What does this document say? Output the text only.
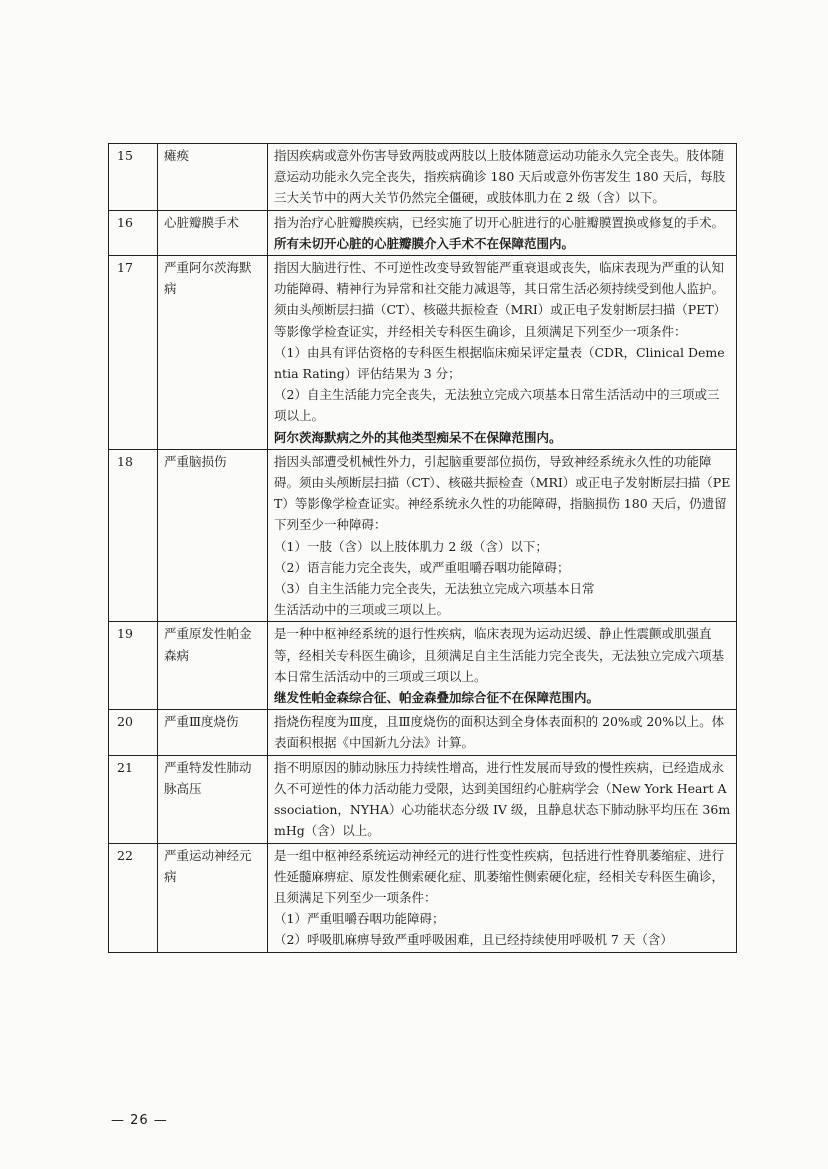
15	瘫痪	指因疾病或意外伤害导致两肢或两肢以上肢体随意运动功能永久完全丧失。肢体随意运动功能永久完全丧失，指疾病确诊 180 天后或意外伤害发生 180 天后，每肢三大关节中的两大关节仍然完全僵硬，或肢体肌力在 2 级（含）以下。

16	心脏瓣膜手术	指为治疗心脏瓣膜疾病，已经实施了切开心脏进行的心脏瓣膜置换或修复的手术。
所有未切开心脏的心脏瓣膜介入手术不在保障范围内。

17	严重阿尔茨海默病	指因大脑进行性、不可逆性改变导致智能严重衰退或丧失，临床表现为严重的认知功能障碍、精神行为异常和社交能力减退等，其日常生活必须持续受到他人监护。须由头颅断层扫描（CT）、核磁共振检查（MRI）或正电子发射断层扫描（PET）等影像学检查证实，并经相关专科医生确诊，且须满足下列至少一项条件：
（1）由具有评估资格的专科医生根据临床痴呆评定量表（CDR，Clinical Dementia Rating）评估结果为 3 分；
（2）自主生活能力完全丧失，无法独立完成六项基本日常生活活动中的三项或三项以上。
阿尔茨海默病之外的其他类型痴呆不在保障范围内。

18	严重脑损伤	指因头部遭受机械性外力，引起脑重要部位损伤，导致神经系统永久性的功能障碍。须由头颅断层扫描（CT）、核磁共振检查（MRI）或正电子发射断层扫描（PET）等影像学检查证实。神经系统永久性的功能障碍，指脑损伤 180 天后，仍遗留下列至少一种障碍：
（1）一肢（含）以上肢体肌力 2 级（含）以下；
（2）语言能力完全丧失，或严重咀嚼吞咽功能障碍；
（3）自主生活能力完全丧失，无法独立完成六项基本日常
生活活动中的三项或三项以上。

19	严重原发性帕金森病	是一种中枢神经系统的退行性疾病，临床表现为运动迟缓、静止性震颤或肌强直等，经相关专科医生确诊，且须满足自主生活能力完全丧失，无法独立完成六项基本日常生活活动中的三项或三项以上。
继发性帕金森综合征、帕金森叠加综合征不在保障范围内。

20	严重Ⅲ度烧伤	指烧伤程度为Ⅲ度，且Ⅲ度烧伤的面积达到全身体表面积的 20%或 20%以上。体表面积根据《中国新九分法》计算。

21	严重特发性肺动脉高压	指不明原因的肺动脉压力持续性增高，进行性发展而导致的慢性疾病，已经造成永久不可逆性的体力活动能力受限，达到美国纽约心脏病学会（New York Heart Association，NYHA）心功能状态分级 IV 级，且静息状态下肺动脉平均压在 36mmHg（含）以上。

22	严重运动神经元病	是一组中枢神经系统运动神经元的进行性变性疾病，包括进行性脊肌萎缩症、进行性延髓麻痹症、原发性侧索硬化症、肌萎缩性侧索硬化症，经相关专科医生确诊，且须满足下列至少一项条件：
（1）严重咀嚼吞咽功能障碍；
（2）呼吸肌麻痹导致严重呼吸困难，且已经持续使用呼吸机 7 天（含）
— 26 —
